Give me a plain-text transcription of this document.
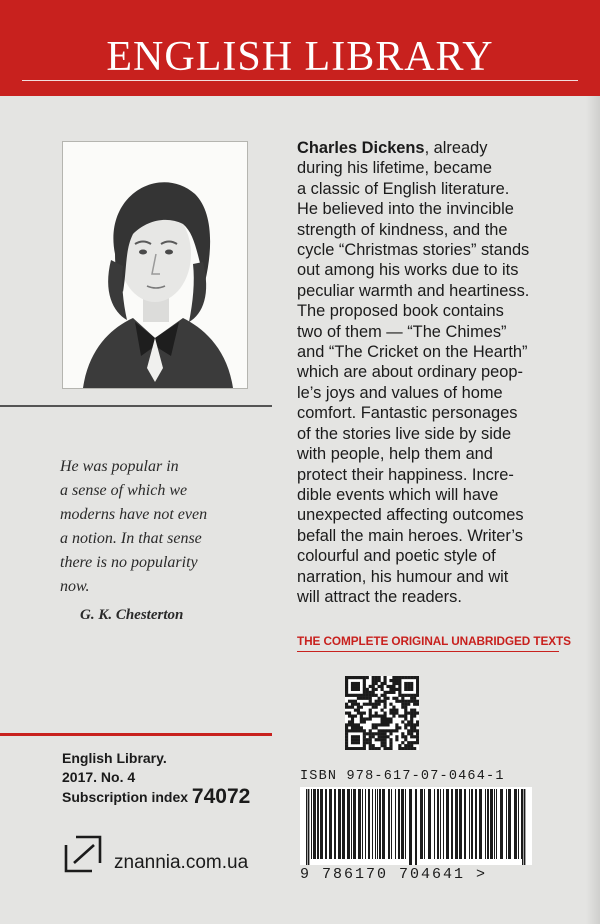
ENGLISH LIBRARY
He was popular in
a sense of which we
moderns have not even
a notion. In that sense
there is no popularity
now.
G. K. Chesterton
English Library.
2017. No. 4
Subscription index 74072
znannia.com.ua
Charles Dickens, already
during his lifetime, became
a classic of English literature.
He believed into the invincible
strength of kindness, and the
cycle “Christmas stories” stands
out among his works due to its
peculiar warmth and heartiness.
The proposed book contains
two of them — “The Chimes”
and “The Cricket on the Hearth”
which are about ordinary peop-
le’s joys and values of home
comfort. Fantastic personages
of the stories live side by side
with people, help them and
protect their happiness. Incre-
dible events which will have
unexpected affecting outcomes
befall the main heroes. Writer’s
colourful and poetic style of
narration, his humour and wit
will attract the readers.
THE COMPLETE ORIGINAL UNABRIDGED TEXTS
ISBN 978-617-07-0464-1
9 786170 704641 >
